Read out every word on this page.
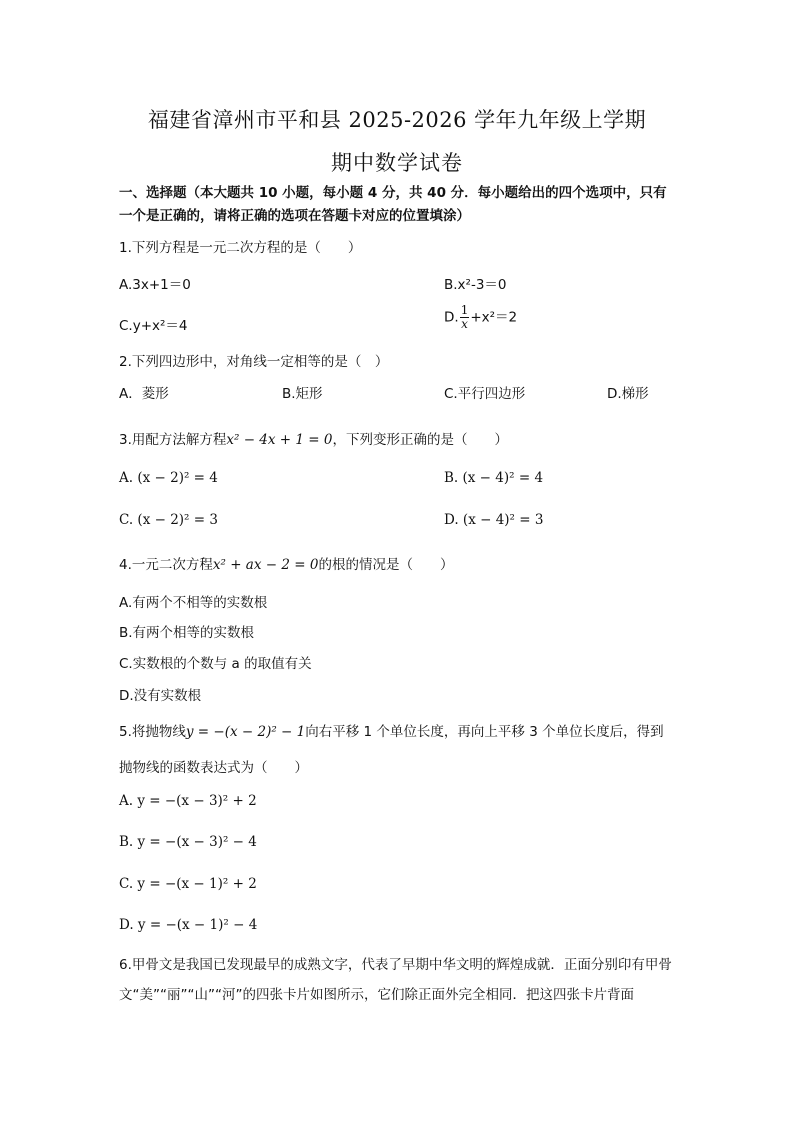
福建省漳州市平和县 2025-2026 学年九年级上学期
期中数学试卷
一、选择题（本大题共 10 小题，每小题 4 分，共 40 分．每小题给出的四个选项中，只有一个是正确的，请将正确的选项在答题卡对应的位置填涂）
1.下列方程是一元二次方程的是（　　）
A.3x+1＝0	B.x²-3＝0
C.y+x²＝4
D. $\frac{1}{x} +x^2=2$
2.下列四边形中，对角线一定相等的是（　）
A．菱形	B.矩形	C.平行四边形	D.梯形
3.用配方法解方程x² − 4x + 1 = 0，下列变形正确的是（　　）
A. (x − 2)² = 4	B. (x − 4)² = 4
C. (x − 2)² = 3	D. (x − 4)² = 3
4.一元二次方程x² + ax − 2 = 0的根的情况是（　　）
A.有两个不相等的实数根
B.有两个相等的实数根
C.实数根的个数与 a 的取值有关
D.没有实数根
5.将抛物线y = −(x − 2)² − 1向右平移 1 个单位长度，再向上平移 3 个单位长度后，得到
抛物线的函数表达式为（　　）
A. y = −(x − 3)² + 2
B. y = −(x − 3)² − 4
C. y = −(x − 1)² + 2
D. y = −(x − 1)² − 4
6.甲骨文是我国已发现最早的成熟文字，代表了早期中华文明的辉煌成就．正面分别印有甲骨文“美”“丽”“山”“河”的四张卡片如图所示，它们除正面外完全相同．把这四张卡片背面
